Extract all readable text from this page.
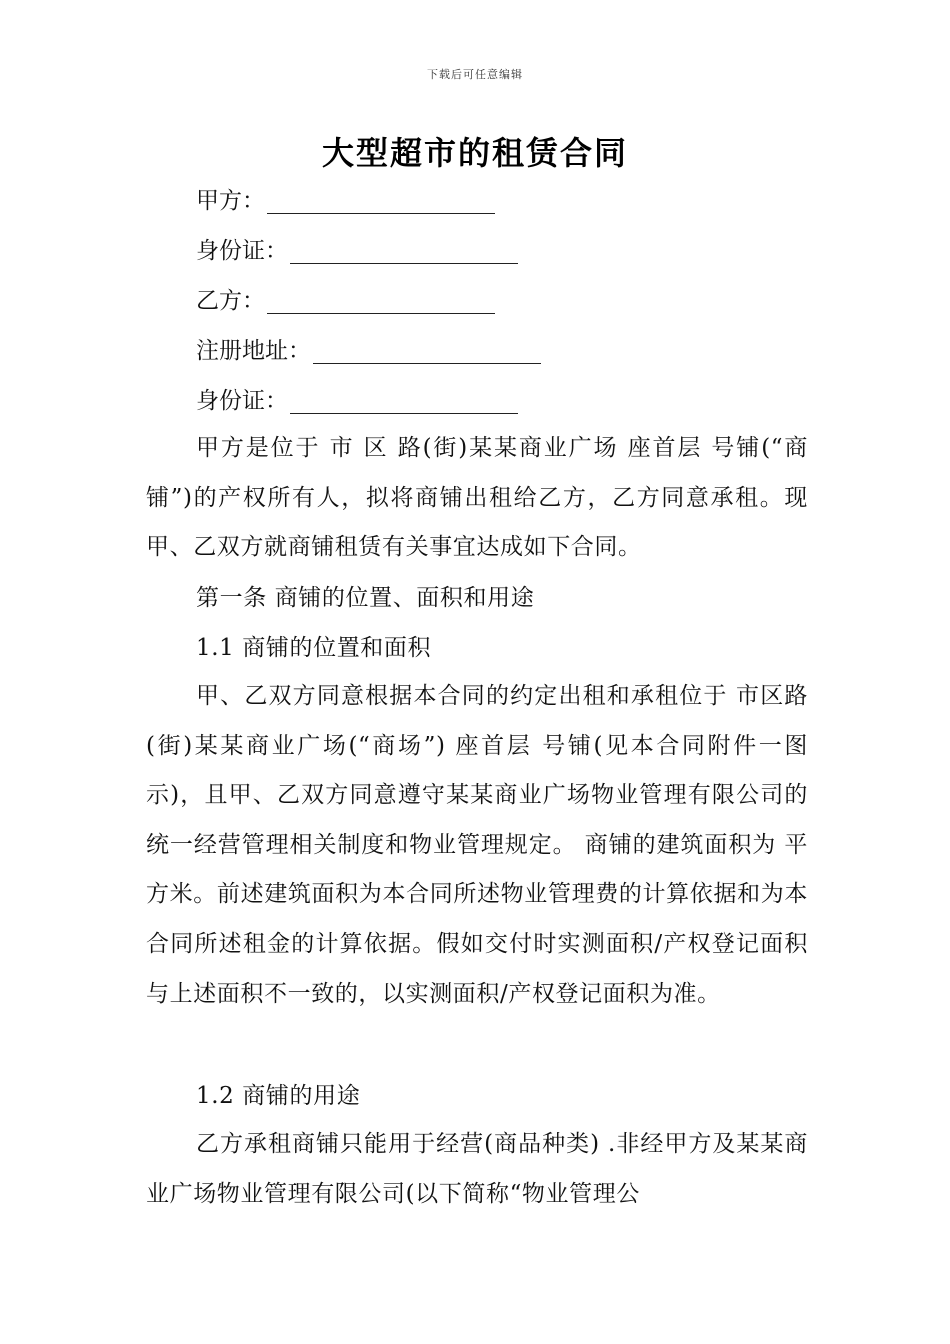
下载后可任意编辑
大型超市的租赁合同
甲方：
身份证：
乙方：
注册地址：
身份证：
甲方是位于 市 区 路(街)某某商业广场 座首层 号铺(“商铺”)的产权所有人，拟将商铺出租给乙方，乙方同意承租。现甲、乙双方就商铺租赁有关事宜达成如下合同。
第一条 商铺的位置、面积和用途
1.1 商铺的位置和面积
甲、乙双方同意根据本合同的约定出租和承租位于 市区路(街)某某商业广场(“商场”) 座首层 号铺(见本合同附件一图示)，且甲、乙双方同意遵守某某商业广场物业管理有限公司的统一经营管理相关制度和物业管理规定。 商铺的建筑面积为 平方米。前述建筑面积为本合同所述物业管理费的计算依据和为本合同所述租金的计算依据。假如交付时实测面积/产权登记面积与上述面积不一致的，以实测面积/产权登记面积为准。
1.2 商铺的用途
乙方承租商铺只能用于经营(商品种类) .非经甲方及某某商业广场物业管理有限公司(以下简称“物业管理公
